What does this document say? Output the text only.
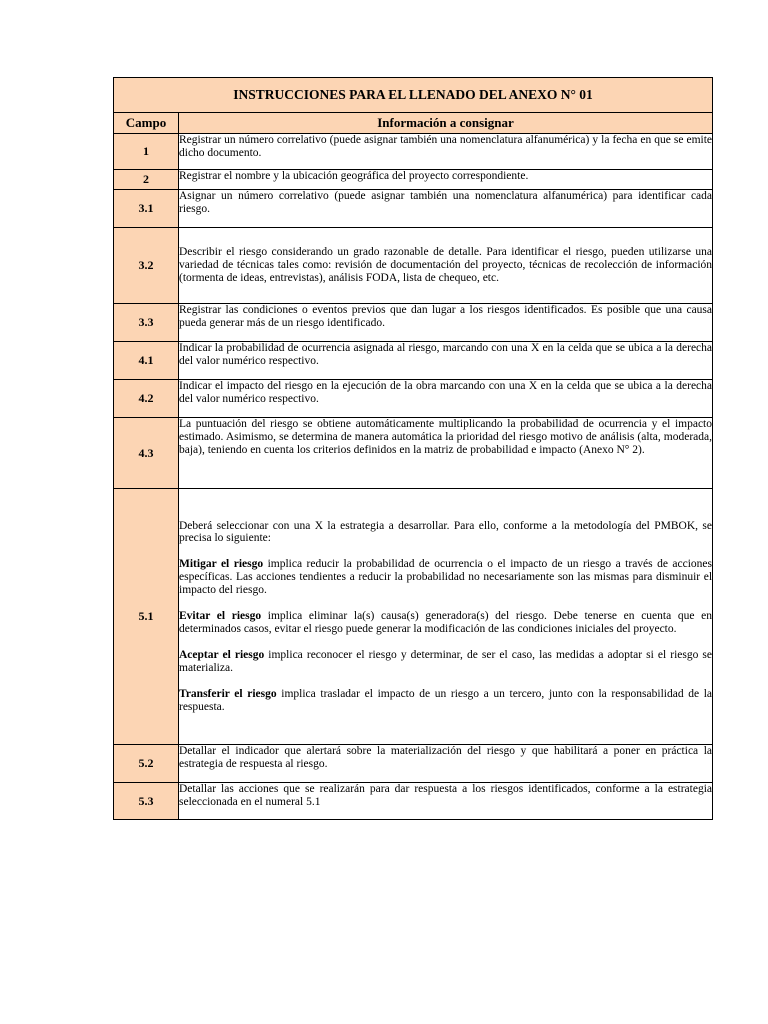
INSTRUCCIONES PARA EL LLENADO DEL ANEXO N° 01	
Campo	Información a consignar
1	Registrar un número correlativo (puede asignar también una nomenclatura alfanumérica) y la fecha en que se emite dicho documento.
2	Registrar el nombre y la ubicación geográfica del proyecto correspondiente.
3.1	Asignar un número correlativo (puede asignar también una nomenclatura alfanumérica) para identificar cada riesgo.
3.2	Describir el riesgo considerando un grado razonable de detalle. Para identificar el riesgo, pueden utilizarse una variedad de técnicas tales como: revisión de documentación del proyecto, técnicas de recolección de información (tormenta de ideas, entrevistas), análisis FODA, lista de chequeo, etc.
3.3	Registrar las condiciones o eventos previos que dan lugar a los riesgos identificados. Es posible que una causa pueda generar más de un riesgo identificado.
4.1	Indicar la probabilidad de ocurrencia asignada al riesgo, marcando con una X en la celda que se ubica a la derecha del valor numérico respectivo.
4.2	Indicar el impacto del riesgo en la ejecución de la obra marcando con una X en la celda que se ubica a la derecha del valor numérico respectivo.
4.3	La puntuación del riesgo se obtiene automáticamente multiplicando la probabilidad de ocurrencia y el impacto estimado. Asimismo, se determina de manera automática la prioridad del riesgo motivo de análisis (alta, moderada, baja), teniendo en cuenta los criterios definidos en la matriz de probabilidad e impacto (Anexo N° 2).
5.1	Deberá seleccionar con una X la estrategia a desarrollar. Para ello, conforme a la metodología del PMBOK, se precisa lo siguiente:

Mitigar el riesgo implica reducir la probabilidad de ocurrencia o el impacto de un riesgo a través de acciones específicas. Las acciones tendientes a reducir la probabilidad no necesariamente son las mismas para disminuir el impacto del riesgo.

Evitar el riesgo implica eliminar la(s) causa(s) generadora(s) del riesgo. Debe tenerse en cuenta que en determinados casos, evitar el riesgo puede generar la modificación de las condiciones iniciales del proyecto.

Aceptar el riesgo implica reconocer el riesgo y determinar, de ser el caso, las medidas a adoptar si el riesgo se materializa.

Transferir el riesgo implica trasladar el impacto de un riesgo a un tercero, junto con la responsabilidad de la respuesta.

5.2	Detallar el indicador que alertará sobre la materialización del riesgo y que habilitará a poner en práctica la estrategia de respuesta al riesgo.
5.3	Detallar las acciones que se realizarán para dar respuesta a los riesgos identificados, conforme a la estrategia seleccionada en el numeral 5.1
